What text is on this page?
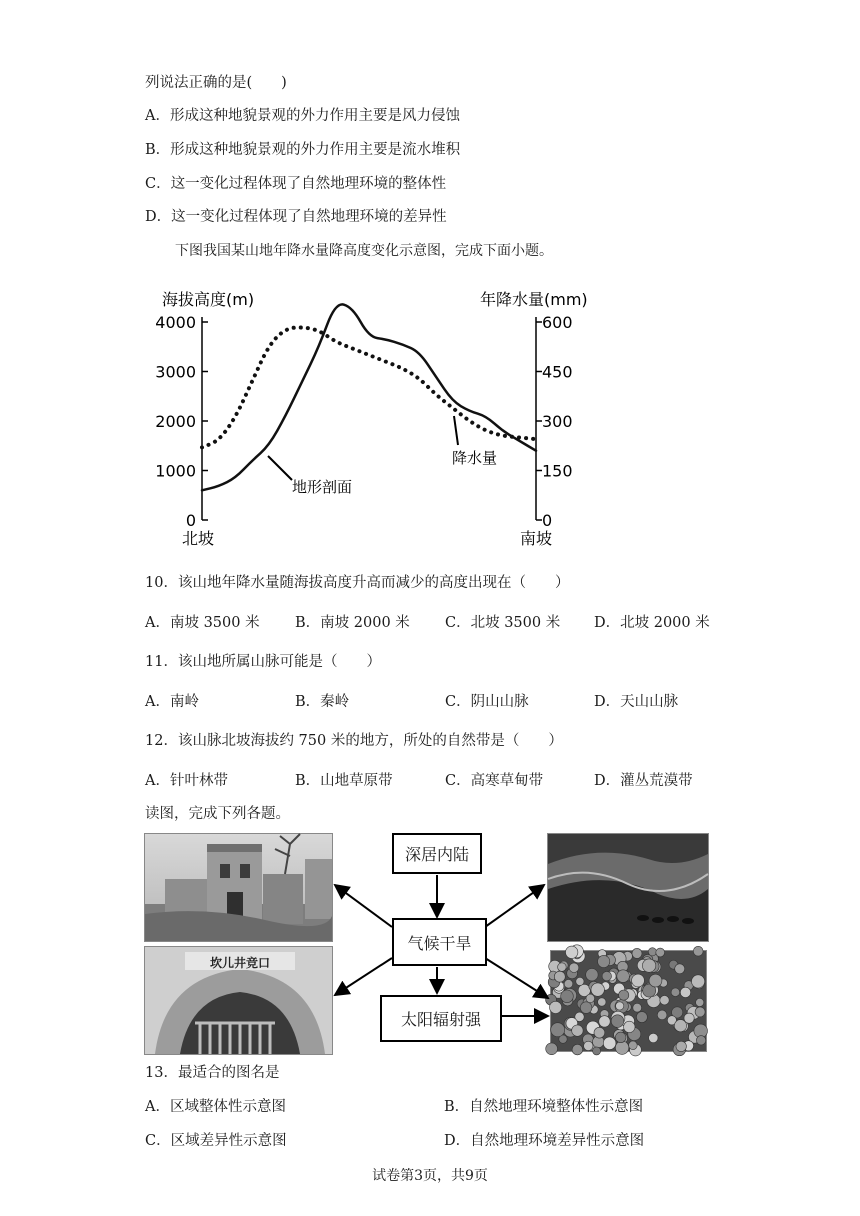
列说法正确的是(　　)
A．形成这种地貌景观的外力作用主要是风力侵蚀
B．形成这种地貌景观的外力作用主要是流水堆积
C．这一变化过程体现了自然地理环境的整体性
D．这一变化过程体现了自然地理环境的差异性
下图我国某山地年降水量降高度变化示意图，完成下面小题。
海拔高度(m)	年降水量(mm)
4000
3000
2000
1000
0
600
450
300
150
0
北坡	南坡
地形剖面
降水量
10．该山地年降水量随海拔高度升高而减少的高度出现在（　　）
A．南坡 3500 米 B．南坡 2000 米 C．北坡 3500 米 D．北坡 2000 米
11．该山地所属山脉可能是（　　）
A．南岭	B．秦岭	C．阴山山脉	D．天山山脉
12．该山脉北坡海拔约 750 米的地方，所处的自然带是（　　）
A．针叶林带	B．山地草原带	C．高寒草甸带	D．灌丛荒漠带
读图，完成下列各题。
坎儿井竞口
深居内陆
气候干旱
太阳辐射强
13．最适合的图名是
A．区域整体性示意图	B．自然地理环境整体性示意图
C．区域差异性示意图	D．自然地理环境差异性示意图
试卷第3页，共9页
